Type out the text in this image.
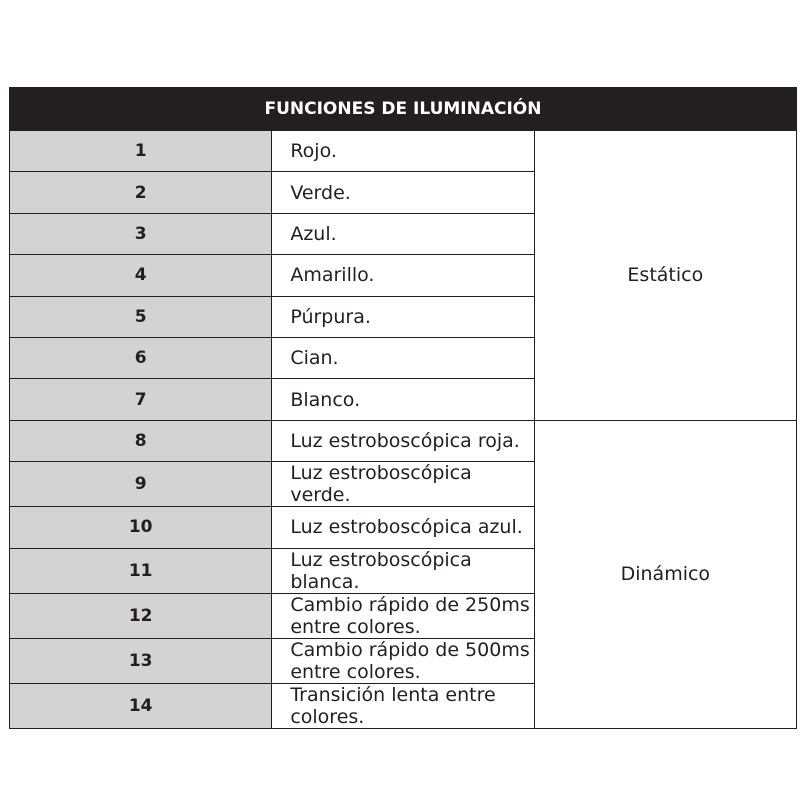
FUNCIONES DE ILUMINACIÓN		
1	Rojo.	Estático
2	Verde.	
3	Azul.	
4	Amarillo.	
5	Púrpura.	
6	Cian.	
7	Blanco.	
8	Luz estroboscópica roja.	Dinámico
9	Luz estroboscópica verde.	
10	Luz estroboscópica azul.	
11	Luz estroboscópica blanca.	
12	Cambio rápido de 250ms entre colores.	
13	Cambio rápido de 500ms entre colores.	
14	Transición lenta entre colores.	
